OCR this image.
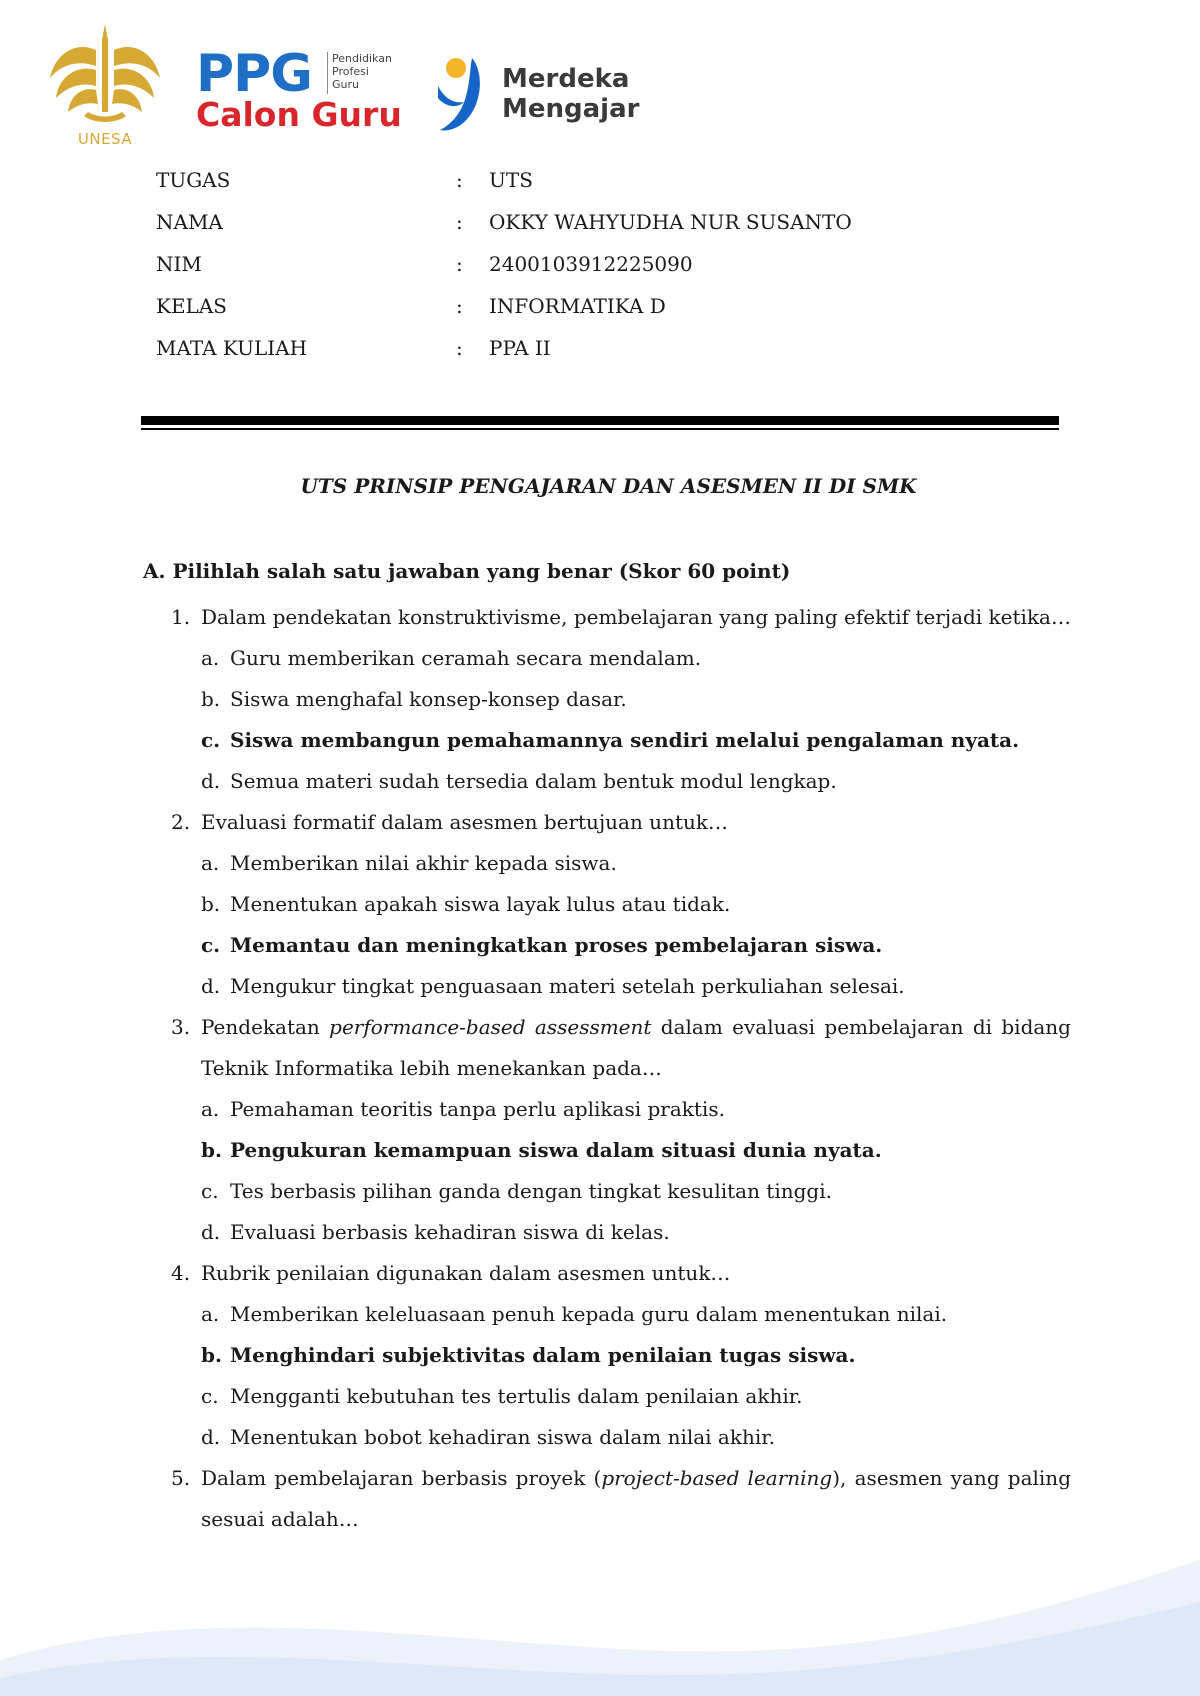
UNESA
PPG Pendidikan
Profesi
Guru
Calon Guru
Merdeka
Mengajar
TUGAS	: UTS
NAMA	: OKKY WAHYUDHA NUR SUSANTO
NIM	: 2400103912225090
KELAS	: INFORMATIKA D
MATA KULIAH	: PPA II
UTS PRINSIP PENGAJARAN DAN ASESMEN II DI SMK
A. Pilihlah salah satu jawaban yang benar (Skor 60 point)
1. Dalam pendekatan konstruktivisme, pembelajaran yang paling efektif terjadi ketika…
a. Guru memberikan ceramah secara mendalam.
b. Siswa menghafal konsep-konsep dasar.
c. Siswa membangun pemahamannya sendiri melalui pengalaman nyata.
d. Semua materi sudah tersedia dalam bentuk modul lengkap.
2. Evaluasi formatif dalam asesmen bertujuan untuk…
a. Memberikan nilai akhir kepada siswa.
b. Menentukan apakah siswa layak lulus atau tidak.
c. Memantau dan meningkatkan proses pembelajaran siswa.
d. Mengukur tingkat penguasaan materi setelah perkuliahan selesai.
3. Pendekatan performance-based assessment dalam evaluasi pembelajaran di bidang Teknik Informatika lebih menekankan pada…
a. Pemahaman teoritis tanpa perlu aplikasi praktis.
b. Pengukuran kemampuan siswa dalam situasi dunia nyata.
c. Tes berbasis pilihan ganda dengan tingkat kesulitan tinggi.
d. Evaluasi berbasis kehadiran siswa di kelas.
4. Rubrik penilaian digunakan dalam asesmen untuk…
a. Memberikan keleluasaan penuh kepada guru dalam menentukan nilai.
b. Menghindari subjektivitas dalam penilaian tugas siswa.
c. Mengganti kebutuhan tes tertulis dalam penilaian akhir.
d. Menentukan bobot kehadiran siswa dalam nilai akhir.
5. Dalam pembelajaran berbasis proyek (project-based learning), asesmen yang paling sesuai adalah…
